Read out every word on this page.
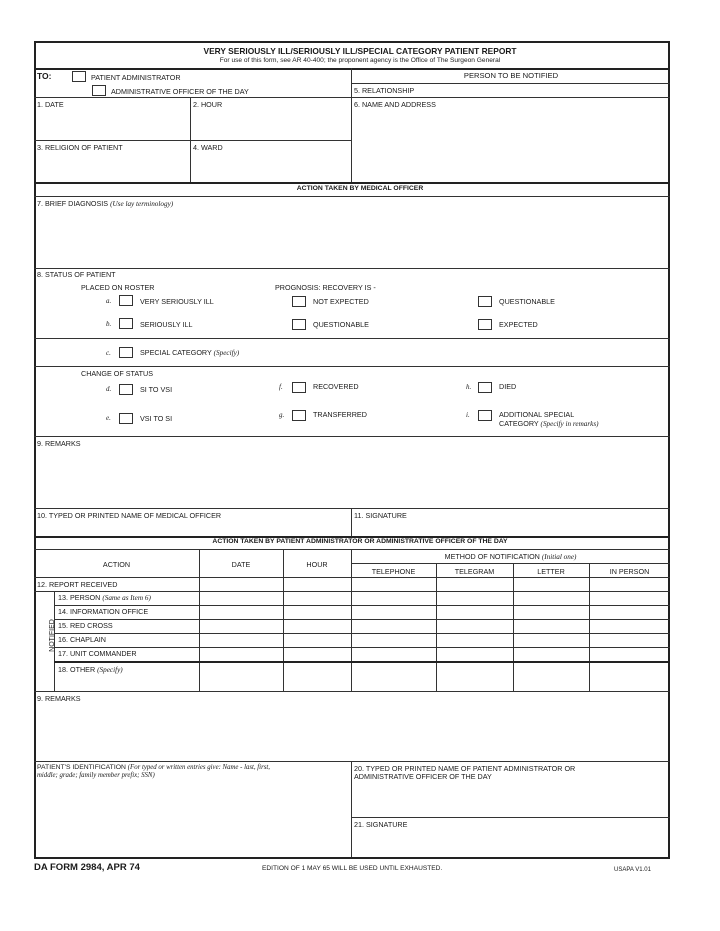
VERY SERIOUSLY ILL/SERIOUSLY ILL/SPECIAL CATEGORY PATIENT REPORT
For use of this form, see AR 40-400; the proponent agency is the Office of The Surgeon General
TO:	PATIENT ADMINISTRATOR
ADMINISTRATIVE OFFICER OF THE DAY
PERSON TO BE NOTIFIED
5. RELATIONSHIP
6. NAME AND ADDRESS
1. DATE	2. HOUR
3. RELIGION OF PATIENT	4. WARD
ACTION TAKEN BY MEDICAL OFFICER
7. BRIEF DIAGNOSIS (Use lay terminology)
8. STATUS OF PATIENT
PLACED ON ROSTER	PROGNOSIS: RECOVERY IS -
a.	VERY SERIOUSLY ILL	NOT EXPECTED	QUESTIONABLE
b.	SERIOUSLY ILL	QUESTIONABLE	EXPECTED
c.	SPECIAL CATEGORY (Specify)
CHANGE OF STATUS
d.	SI TO VSI	f.	RECOVERED	h.	DIED
e.	VSI TO SI	g.	TRANSFERRED	i.	ADDITIONAL SPECIAL
CATEGORY (Specify in remarks)
9. REMARKS
10. TYPED OR PRINTED NAME OF MEDICAL OFFICER	11. SIGNATURE
ACTION TAKEN BY PATIENT ADMINISTRATOR OR ADMINISTRATIVE OFFICER OF THE DAY
ACTION	DATE	HOUR
METHOD OF NOTIFICATION (Initial one)
TELEPHONE	TELEGRAM	LETTER	IN PERSON
12. REPORT RECEIVED
NOTIFIED
13. PERSON (Same as Item 6)
14. INFORMATION OFFICE
15. RED CROSS
16. CHAPLAIN
17. UNIT COMMANDER
18. OTHER (Specify)
9. REMARKS
PATIENT'S IDENTIFICATION (For typed or written entries give: Name - last, first,
middle; grade; family member prefix; SSN)
20. TYPED OR PRINTED NAME OF PATIENT ADMINISTRATOR OR
ADMINISTRATIVE OFFICER OF THE DAY
21. SIGNATURE
DA FORM 2984, APR 74	EDITION OF 1 MAY 65 WILL BE USED UNTIL EXHAUSTED.	USAPA V1.01
